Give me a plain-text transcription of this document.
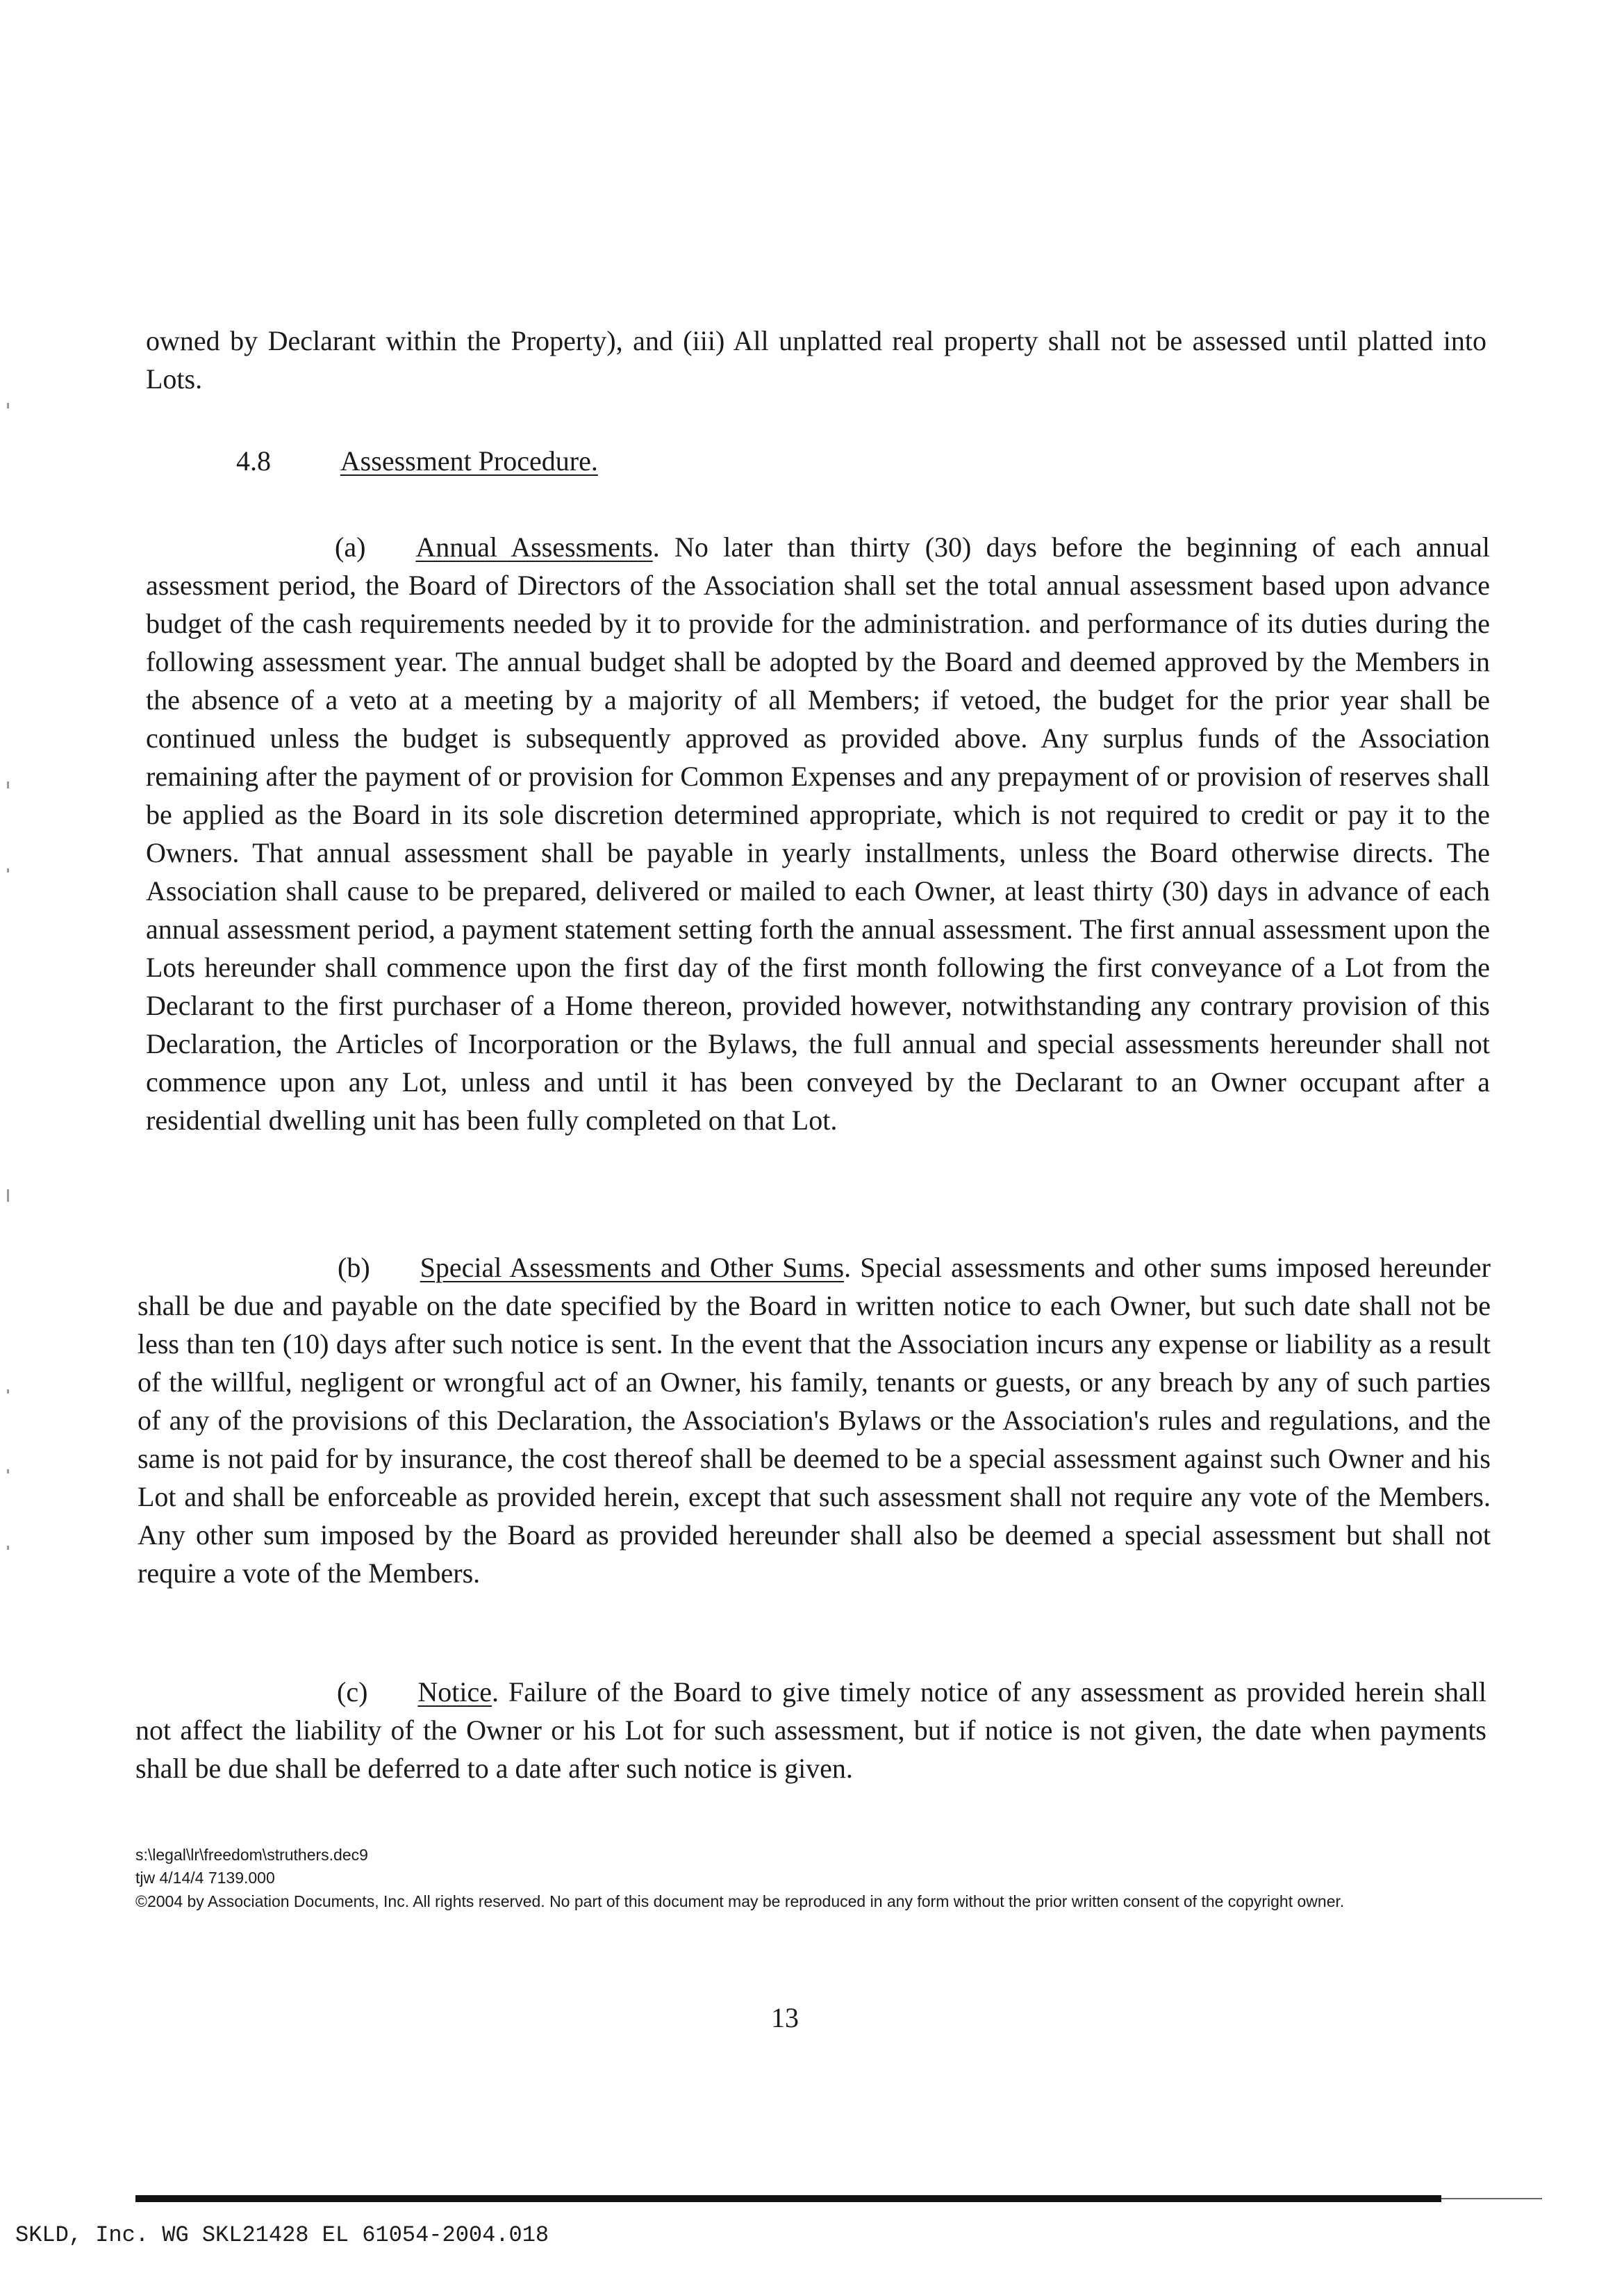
owned by Declarant within the Property), and (iii) All unplatted real property shall not be assessed until platted into Lots.

4.8 Assessment Procedure.

(a) Annual Assessments. No later than thirty (30) days before the beginning of each annual assessment period, the Board of Directors of the Association shall set the total annual assessment based upon advance budget of the cash requirements needed by it to provide for the administration. and performance of its duties during the following assessment year. The annual budget shall be adopted by the Board and deemed approved by the Members in the absence of a veto at a meeting by a majority of all Members; if vetoed, the budget for the prior year shall be continued unless the budget is subsequently approved as provided above. Any surplus funds of the Association remaining after the payment of or provision for Common Expenses and any prepayment of or provision of reserves shall be applied as the Board in its sole discretion determined appropriate, which is not required to credit or pay it to the Owners. That annual assessment shall be payable in yearly installments, unless the Board otherwise directs. The Association shall cause to be prepared, delivered or mailed to each Owner, at least thirty (30) days in advance of each annual assessment period, a payment statement setting forth the annual assessment. The first annual assessment upon the Lots hereunder shall commence upon the first day of the first month following the first conveyance of a Lot from the Declarant to the first purchaser of a Home thereon, provided however, notwithstanding any contrary provision of this Declaration, the Articles of Incorporation or the Bylaws, the full annual and special assessments hereunder shall not commence upon any Lot, unless and until it has been conveyed by the Declarant to an Owner occupant after a residential dwelling unit has been fully completed on that Lot.

(b) Special Assessments and Other Sums. Special assessments and other sums imposed hereunder shall be due and payable on the date specified by the Board in written notice to each Owner, but such date shall not be less than ten (10) days after such notice is sent. In the event that the Association incurs any expense or liability as a result of the willful, negligent or wrongful act of an Owner, his family, tenants or guests, or any breach by any of such parties of any of the provisions of this Declaration, the Association's Bylaws or the Association's rules and regulations, and the same is not paid for by insurance, the cost thereof shall be deemed to be a special assessment against such Owner and his Lot and shall be enforceable as provided herein, except that such assessment shall not require any vote of the Members. Any other sum imposed by the Board as provided hereunder shall also be deemed a special assessment but shall not require a vote of the Members.

(c) Notice. Failure of the Board to give timely notice of any assessment as provided herein shall not affect the liability of the Owner or his Lot for such assessment, but if notice is not given, the date when payments shall be due shall be deferred to a date after such notice is given.

s:\legal\lr\freedom\struthers.dec9

tjw 4/14/4 7139.000

©2004 by Association Documents, Inc. All rights reserved. No part of this document may be reproduced in any form without the prior written consent of the copyright owner.

13

SKLD, Inc. WG SKL21428 EL 61054-2004.018
